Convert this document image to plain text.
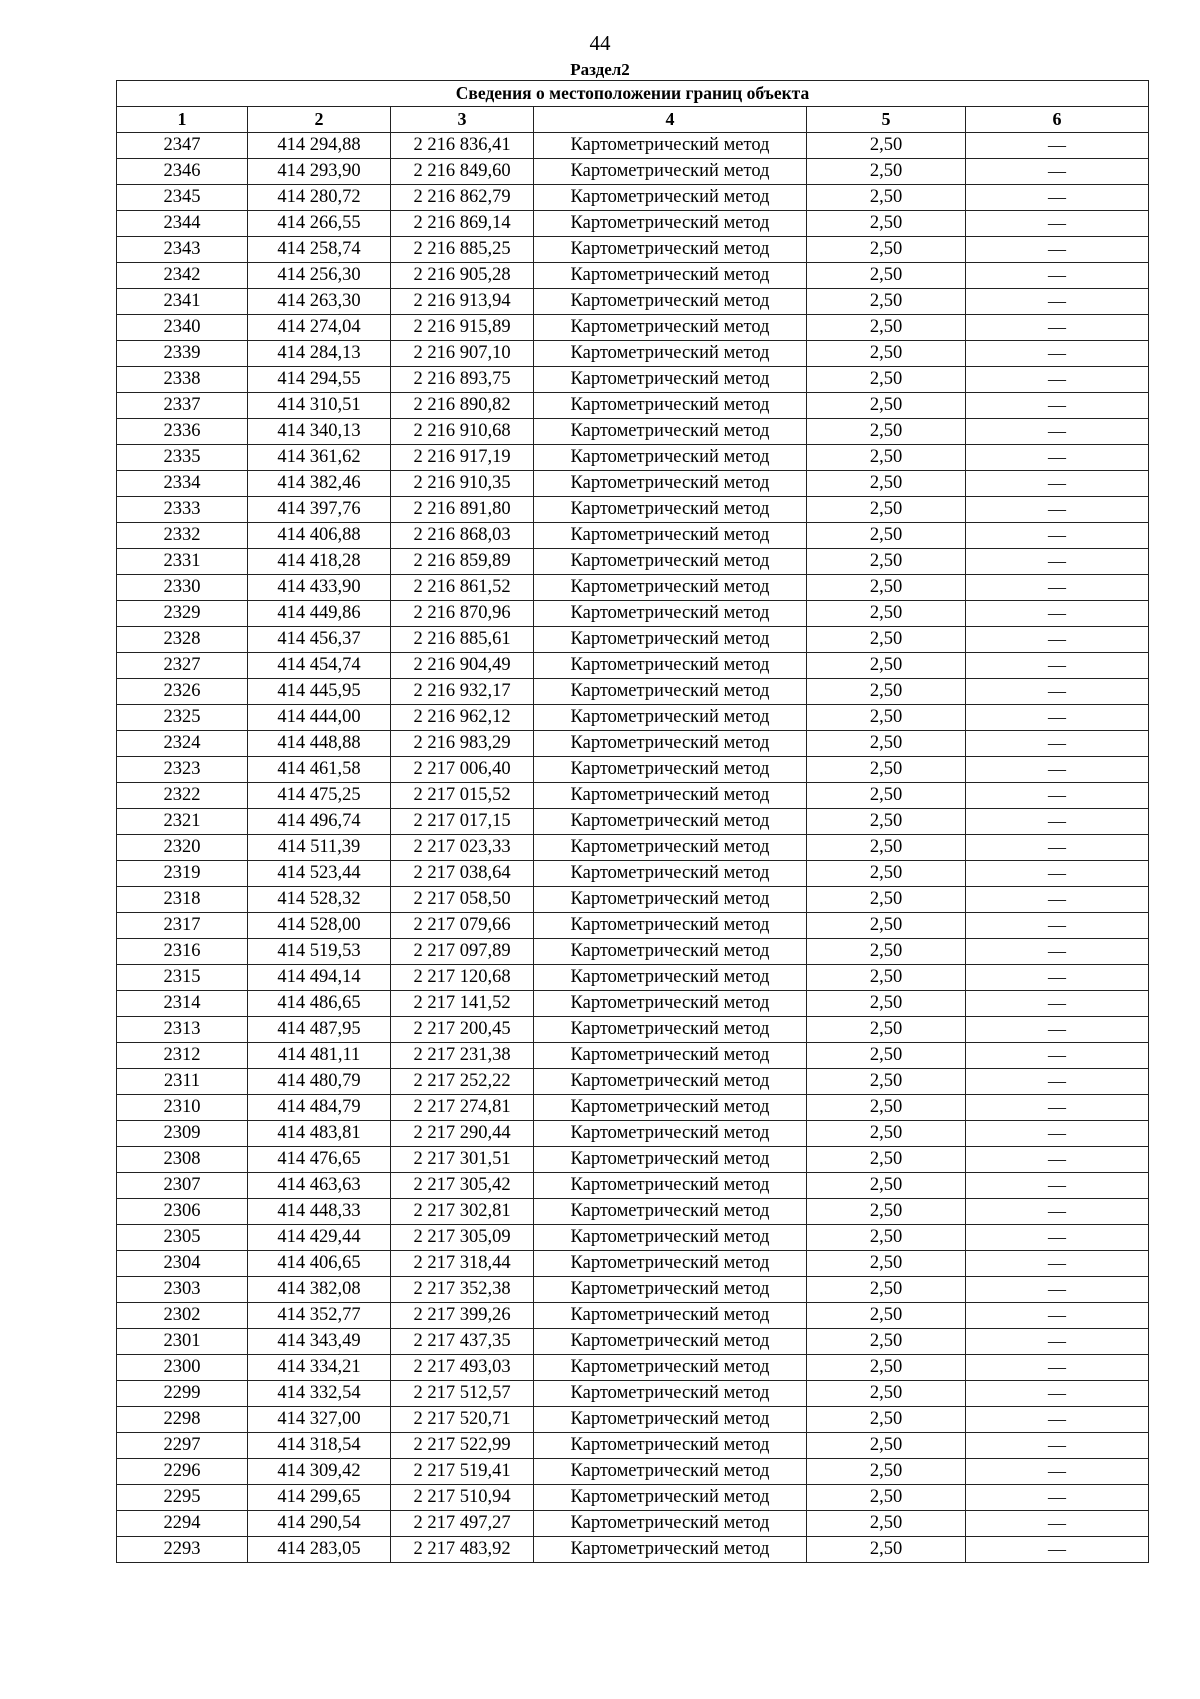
44
Раздел2
Сведения о местоположении границ объекта					
1	2	3	4	5	6
2347	414 294,88	2 216 836,41	Картометрический метод	2,50	—
2346	414 293,90	2 216 849,60	Картометрический метод	2,50	—
2345	414 280,72	2 216 862,79	Картометрический метод	2,50	—
2344	414 266,55	2 216 869,14	Картометрический метод	2,50	—
2343	414 258,74	2 216 885,25	Картометрический метод	2,50	—
2342	414 256,30	2 216 905,28	Картометрический метод	2,50	—
2341	414 263,30	2 216 913,94	Картометрический метод	2,50	—
2340	414 274,04	2 216 915,89	Картометрический метод	2,50	—
2339	414 284,13	2 216 907,10	Картометрический метод	2,50	—
2338	414 294,55	2 216 893,75	Картометрический метод	2,50	—
2337	414 310,51	2 216 890,82	Картометрический метод	2,50	—
2336	414 340,13	2 216 910,68	Картометрический метод	2,50	—
2335	414 361,62	2 216 917,19	Картометрический метод	2,50	—
2334	414 382,46	2 216 910,35	Картометрический метод	2,50	—
2333	414 397,76	2 216 891,80	Картометрический метод	2,50	—
2332	414 406,88	2 216 868,03	Картометрический метод	2,50	—
2331	414 418,28	2 216 859,89	Картометрический метод	2,50	—
2330	414 433,90	2 216 861,52	Картометрический метод	2,50	—
2329	414 449,86	2 216 870,96	Картометрический метод	2,50	—
2328	414 456,37	2 216 885,61	Картометрический метод	2,50	—
2327	414 454,74	2 216 904,49	Картометрический метод	2,50	—
2326	414 445,95	2 216 932,17	Картометрический метод	2,50	—
2325	414 444,00	2 216 962,12	Картометрический метод	2,50	—
2324	414 448,88	2 216 983,29	Картометрический метод	2,50	—
2323	414 461,58	2 217 006,40	Картометрический метод	2,50	—
2322	414 475,25	2 217 015,52	Картометрический метод	2,50	—
2321	414 496,74	2 217 017,15	Картометрический метод	2,50	—
2320	414 511,39	2 217 023,33	Картометрический метод	2,50	—
2319	414 523,44	2 217 038,64	Картометрический метод	2,50	—
2318	414 528,32	2 217 058,50	Картометрический метод	2,50	—
2317	414 528,00	2 217 079,66	Картометрический метод	2,50	—
2316	414 519,53	2 217 097,89	Картометрический метод	2,50	—
2315	414 494,14	2 217 120,68	Картометрический метод	2,50	—
2314	414 486,65	2 217 141,52	Картометрический метод	2,50	—
2313	414 487,95	2 217 200,45	Картометрический метод	2,50	—
2312	414 481,11	2 217 231,38	Картометрический метод	2,50	—
2311	414 480,79	2 217 252,22	Картометрический метод	2,50	—
2310	414 484,79	2 217 274,81	Картометрический метод	2,50	—
2309	414 483,81	2 217 290,44	Картометрический метод	2,50	—
2308	414 476,65	2 217 301,51	Картометрический метод	2,50	—
2307	414 463,63	2 217 305,42	Картометрический метод	2,50	—
2306	414 448,33	2 217 302,81	Картометрический метод	2,50	—
2305	414 429,44	2 217 305,09	Картометрический метод	2,50	—
2304	414 406,65	2 217 318,44	Картометрический метод	2,50	—
2303	414 382,08	2 217 352,38	Картометрический метод	2,50	—
2302	414 352,77	2 217 399,26	Картометрический метод	2,50	—
2301	414 343,49	2 217 437,35	Картометрический метод	2,50	—
2300	414 334,21	2 217 493,03	Картометрический метод	2,50	—
2299	414 332,54	2 217 512,57	Картометрический метод	2,50	—
2298	414 327,00	2 217 520,71	Картометрический метод	2,50	—
2297	414 318,54	2 217 522,99	Картометрический метод	2,50	—
2296	414 309,42	2 217 519,41	Картометрический метод	2,50	—
2295	414 299,65	2 217 510,94	Картометрический метод	2,50	—
2294	414 290,54	2 217 497,27	Картометрический метод	2,50	—
2293	414 283,05	2 217 483,92	Картометрический метод	2,50	—
